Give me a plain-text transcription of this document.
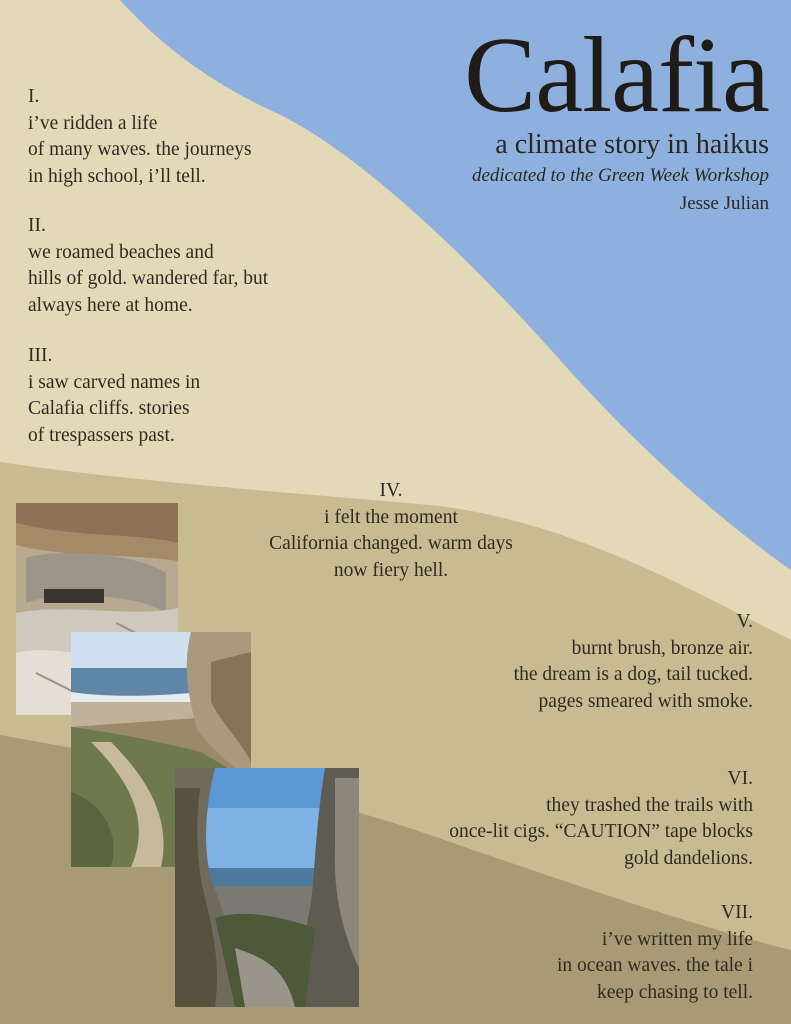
Calafia
a climate story in haikus
dedicated to the Green Week Workshop
Jesse Julian
I.
i’ve ridden a life
of many waves. the journeys
in high school, i’ll tell.
II.
we roamed beaches and
hills of gold. wandered far, but
always here at home.
III.
i saw carved names in
Calafia cliffs. stories
of trespassers past.
IV.
i felt the moment
California changed. warm days
now fiery hell.
V.
burnt brush, bronze air.
the dream is a dog, tail tucked.
pages smeared with smoke.
VI.
they trashed the trails with
once-lit cigs. “CAUTION” tape blocks
gold dandelions.
VII.
i’ve written my life
in ocean waves. the tale i
keep chasing to tell.
